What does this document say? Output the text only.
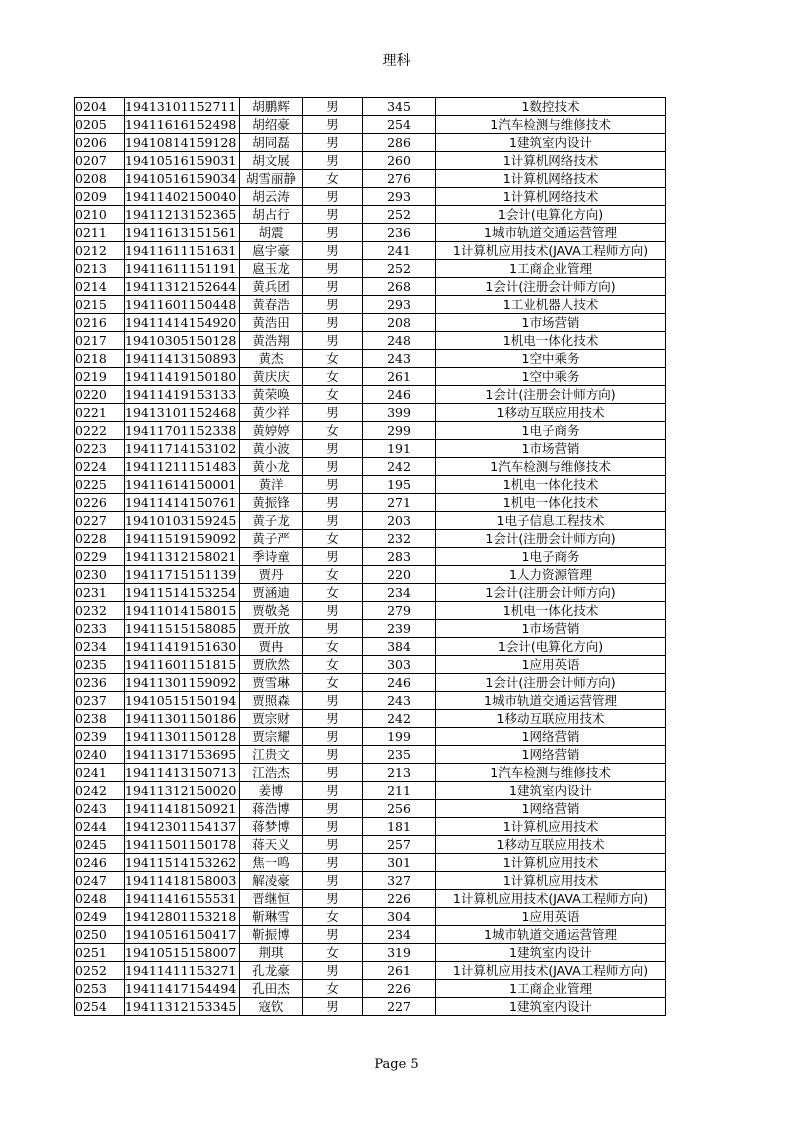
理科
0204	19413101152711	胡鹏辉	男	345	1数控技术
0205	19411616152498	胡绍豪	男	254	1汽车检测与维修技术
0206	19410814159128	胡同磊	男	286	1建筑室内设计
0207	19410516159031	胡文展	男	260	1计算机网络技术
0208	19410516159034	胡雪丽静	女	276	1计算机网络技术
0209	19411402150040	胡云涛	男	293	1计算机网络技术
0210	19411213152365	胡占行	男	252	1会计(电算化方向)
0211	19411613151561	胡震	男	236	1城市轨道交通运营管理
0212	19411611151631	扈宇豪	男	241	1计算机应用技术(JAVA工程师方向)
0213	19411611151191	扈玉龙	男	252	1工商企业管理
0214	19411312152644	黄兵团	男	268	1会计(注册会计师方向)
0215	19411601150448	黄春浩	男	293	1工业机器人技术
0216	19411414154920	黄浩田	男	208	1市场营销
0217	19410305150128	黄浩翔	男	248	1机电一体化技术
0218	19411413150893	黄杰	女	243	1空中乘务
0219	19411419150180	黄庆庆	女	261	1空中乘务
0220	19411419153133	黄荣唤	女	246	1会计(注册会计师方向)
0221	19413101152468	黄少祥	男	399	1移动互联应用技术
0222	19411701152338	黄婷婷	女	299	1电子商务
0223	19411714153102	黄小波	男	191	1市场营销
0224	19411211151483	黄小龙	男	242	1汽车检测与维修技术
0225	19411614150001	黄洋	男	195	1机电一体化技术
0226	19411414150761	黄振锋	男	271	1机电一体化技术
0227	19410103159245	黄子龙	男	203	1电子信息工程技术
0228	19411519159092	黄子严	女	232	1会计(注册会计师方向)
0229	19411312158021	季诗童	男	283	1电子商务
0230	19411715151139	贾丹	女	220	1人力资源管理
0231	19411514153254	贾涵迪	女	234	1会计(注册会计师方向)
0232	19411014158015	贾敬尧	男	279	1机电一体化技术
0233	19411515158085	贾开放	男	239	1市场营销
0234	19411419151630	贾冉	女	384	1会计(电算化方向)
0235	19411601151815	贾欣然	女	303	1应用英语
0236	19411301159092	贾雪琳	女	246	1会计(注册会计师方向)
0237	19410515150194	贾照森	男	243	1城市轨道交通运营管理
0238	19411301150186	贾宗财	男	242	1移动互联应用技术
0239	19411301150128	贾宗耀	男	199	1网络营销
0240	19411317153695	江贵文	男	235	1网络营销
0241	19411413150713	江浩杰	男	213	1汽车检测与维修技术
0242	19411312150020	姜博	男	211	1建筑室内设计
0243	19411418150921	蒋浩博	男	256	1网络营销
0244	19412301154137	蒋梦博	男	181	1计算机应用技术
0245	19411501150178	蒋天义	男	257	1移动互联应用技术
0246	19411514153262	焦一鸣	男	301	1计算机应用技术
0247	19411418158003	解凌豪	男	327	1计算机应用技术
0248	19411416155531	晋继恒	男	226	1计算机应用技术(JAVA工程师方向)
0249	19412801153218	靳琳雪	女	304	1应用英语
0250	19410516150417	靳振博	男	234	1城市轨道交通运营管理
0251	19410515158007	荆琪	女	319	1建筑室内设计
0252	19411411153271	孔龙豪	男	261	1计算机应用技术(JAVA工程师方向)
0253	19411417154494	孔田杰	女	226	1工商企业管理
0254	19411312153345	寇钦	男	227	1建筑室内设计
Page 5
